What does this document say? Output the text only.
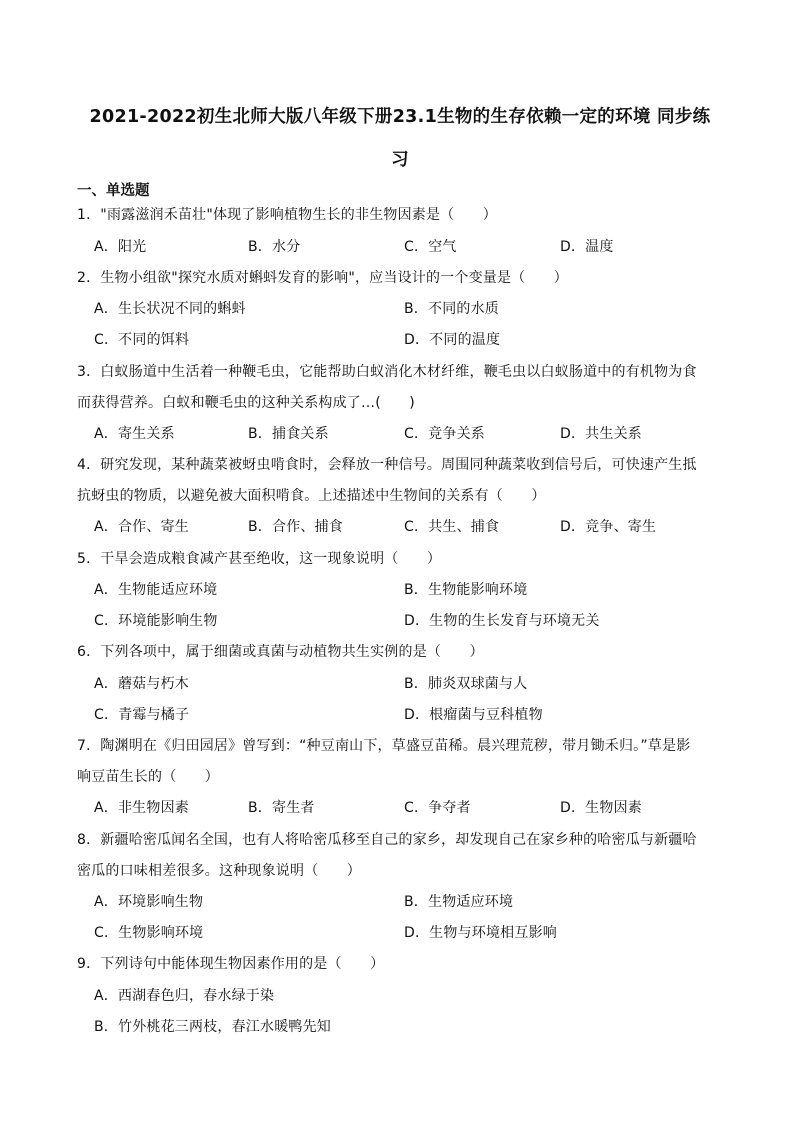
2021-2022初生北师大版八年级下册23.1生物的生存依赖一定的环境 同步练
习
一、单选题
1．"雨露滋润禾苗壮"体现了影响植物生长的非生物因素是（　　）
A．阳光	B．水分	C．空气	D．温度
2．生物小组欲"探究水质对蝌蚪发育的影响"，应当设计的一个变量是（　　）
A．生长状况不同的蝌蚪	B．不同的水质
C．不同的饵料	D．不同的温度
3．白蚁肠道中生活着一种鞭毛虫，它能帮助白蚁消化木材纤维，鞭毛虫以白蚁肠道中的有机物为食
而获得营养。白蚁和鞭毛虫的这种关系构成了…(　　)
A．寄生关系	B．捕食关系	C．竞争关系	D．共生关系
4．研究发现，某种蔬菜被蚜虫啃食时，会释放一种信号。周围同种蔬菜收到信号后，可快速产生抵
抗蚜虫的物质，以避免被大面积啃食。上述描述中生物间的关系有（　　）
A．合作、寄生	B．合作、捕食	C．共生、捕食	D．竞争、寄生
5．干旱会造成粮食减产甚至绝收，这一现象说明（　　）
A．生物能适应环境	B．生物能影响环境
C．环境能影响生物	D．生物的生长发育与环境无关
6．下列各项中，属于细菌或真菌与动植物共生实例的是（　　）
A．蘑菇与朽木	B．肺炎双球菌与人
C．青霉与橘子	D．根瘤菌与豆科植物
7．陶渊明在《归田园居》曾写到：“种豆南山下，草盛豆苗稀。晨兴理荒秽，带月锄禾归。”草是影
响豆苗生长的（　　）
A．非生物因素	B．寄生者	C．争夺者	D．生物因素
8．新疆哈密瓜闻名全国，也有人将哈密瓜移至自己的家乡，却发现自己在家乡种的哈密瓜与新疆哈
密瓜的口味相差很多。这种现象说明（　　）
A．环境影响生物	B．生物适应环境
C．生物影响环境	D．生物与环境相互影响
9．下列诗句中能体现生物因素作用的是（　　）
A．西湖春色归，春水绿于染
B．竹外桃花三两枝，春江水暖鸭先知
